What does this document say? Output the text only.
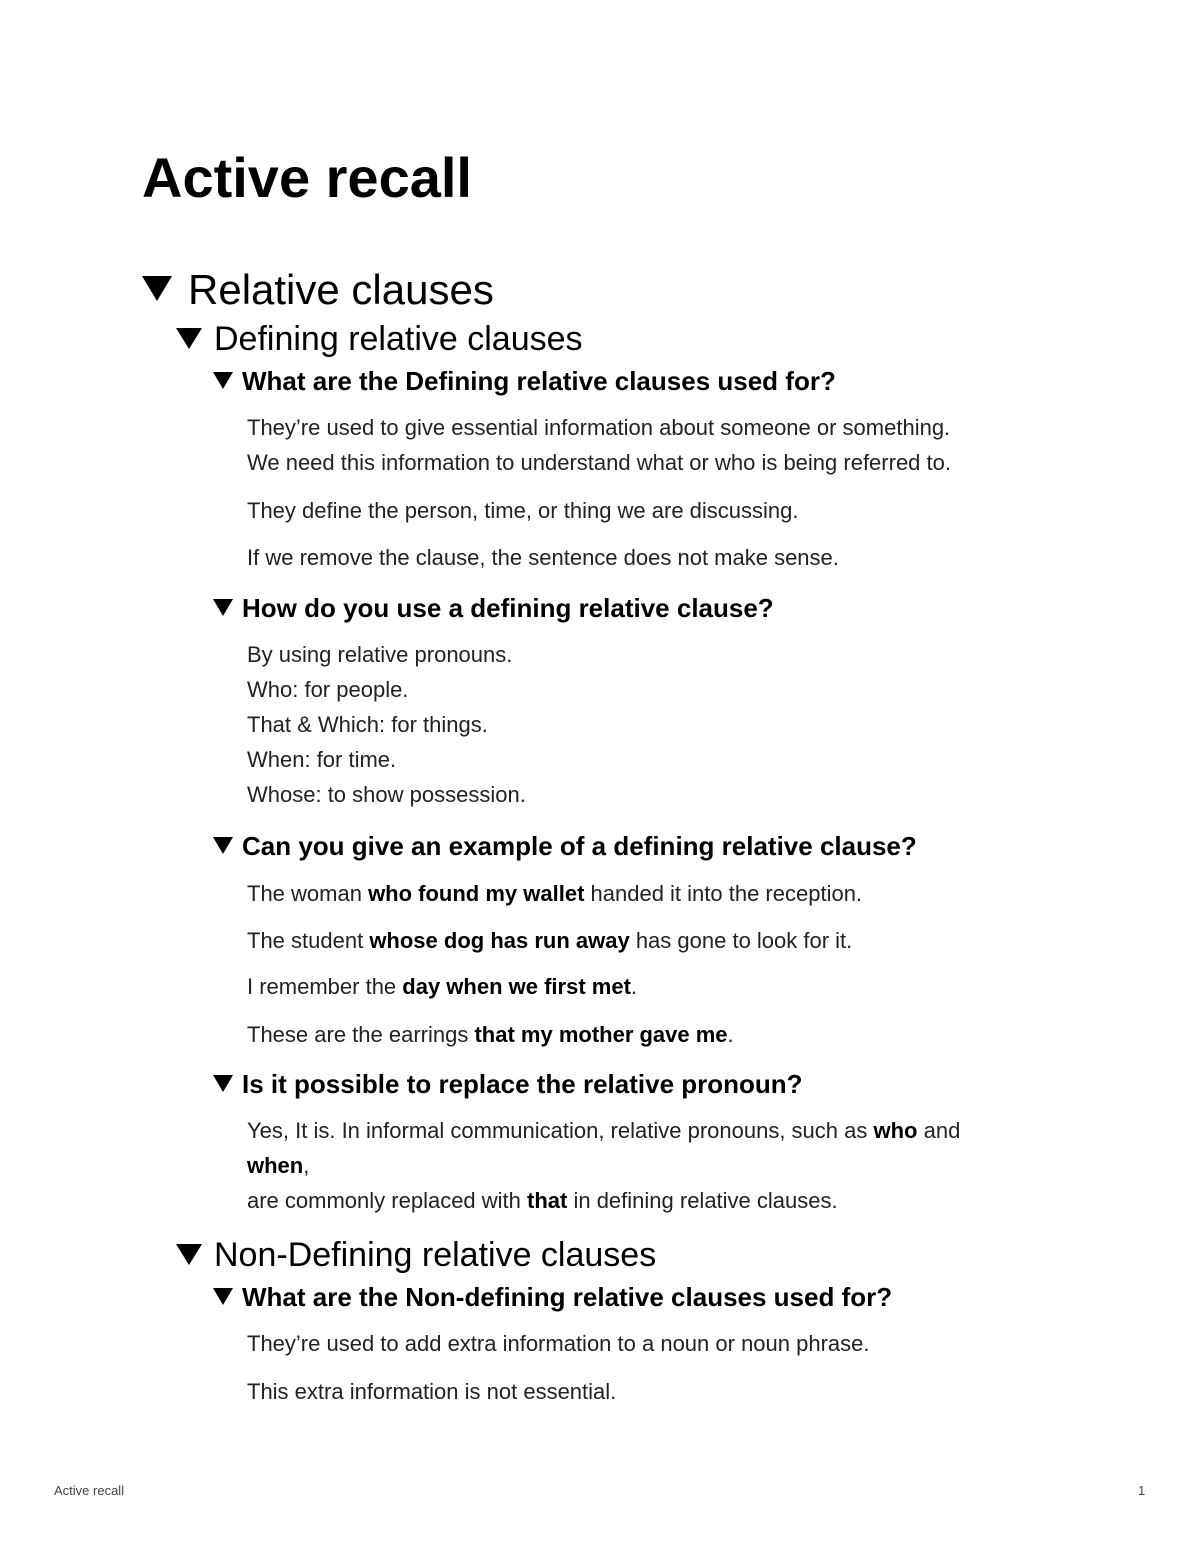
Active recall
Relative clauses
Defining relative clauses
What are the Defining relative clauses used for?
They’re used to give essential information about someone or something.
We need this information to understand what or who is being referred to.
They define the person, time, or thing we are discussing.
If we remove the clause, the sentence does not make sense.
How do you use a defining relative clause?
By using relative pronouns.
Who: for people.
That & Which: for things.
When: for time.
Whose: to show possession.
Can you give an example of a defining relative clause?
The woman who found my wallet handed it into the reception.
The student whose dog has run away has gone to look for it.
I remember the day when we first met.
These are the earrings that my mother gave me.
Is it possible to replace the relative pronoun?
Yes, It is. In informal communication, relative pronouns, such as who and
when,
are commonly replaced with that in defining relative clauses.
Non-Defining relative clauses
What are the Non-defining relative clauses used for?
They’re used to add extra information to a noun or noun phrase.
This extra information is not essential.
Active recall	1
